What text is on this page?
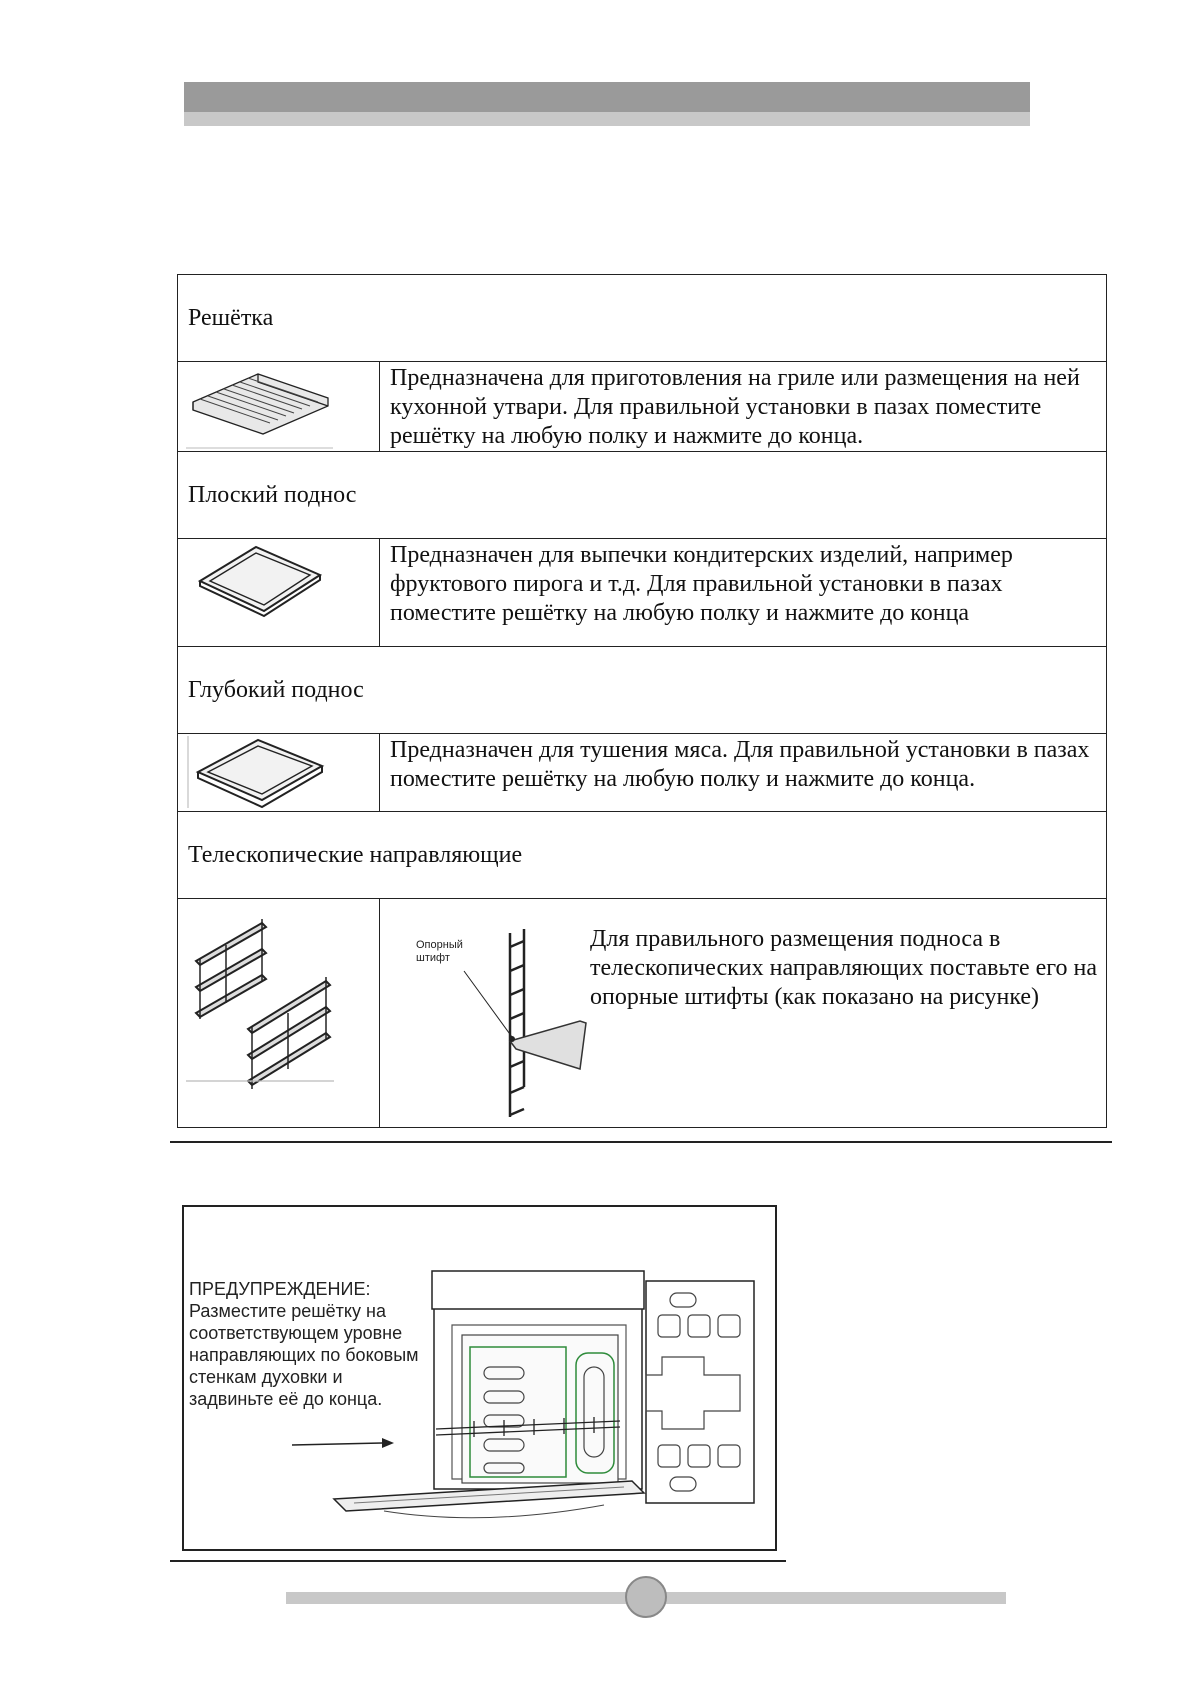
Решётка	

	Предназначена для приготовления на гриле или размещения на ней кухонной утвари. Для правильной установки в пазах поместите решётку на любую полку и нажмите до конца.
Плоский поднос	

	Предназначен для выпечки кондитерских изделий, например фруктового пирога и т.д. Для правильной установки в пазах поместите решётку на любую полку и нажмите до конца
Глубокий поднос	

	Предназначен для тушения мяса. Для правильной установки в пазах поместите решётку на любую полку и нажмите до конца.
Телескопические направляющие	

Опорный штифт
Для правильного размещения подноса в телескопических направляющих поставьте его на опорные штифты (как показано на рисунке)
ПРЕДУПРЕЖДЕНИЕ:
Разместите решётку на соответствующем уровне направляющих по боковым стенкам духовки и задвиньте её до конца.
